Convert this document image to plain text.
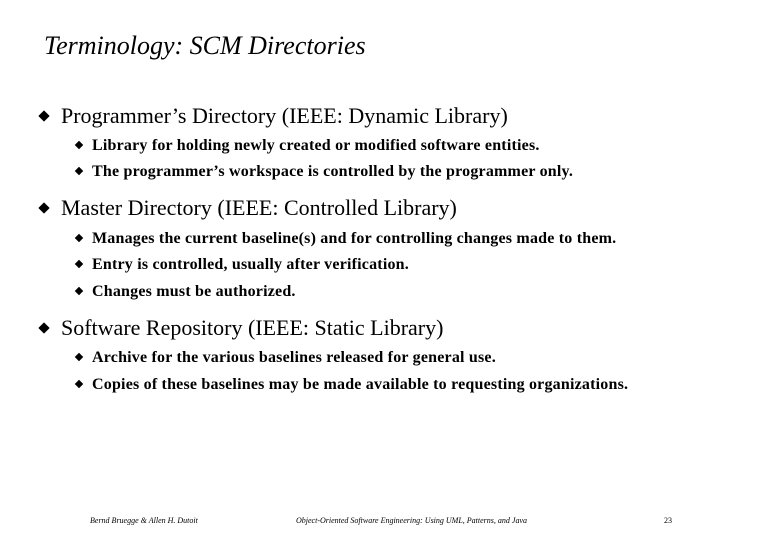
Terminology: SCM Directories
Programmer’s Directory (IEEE: Dynamic Library)
Library for holding newly created or modified software entities.
The programmer’s workspace is controlled by the programmer only.
Master Directory (IEEE: Controlled Library)
Manages the current baseline(s) and for controlling changes made to them.
Entry is controlled, usually after verification.
Changes must be authorized.
Software Repository (IEEE: Static Library)
Archive for the various baselines released for general use.
Copies of these baselines may be made available to requesting organizations.
Bernd Bruegge & Allen H. Dutoit	Object-Oriented Software Engineering: Using UML, Patterns, and Java	23
